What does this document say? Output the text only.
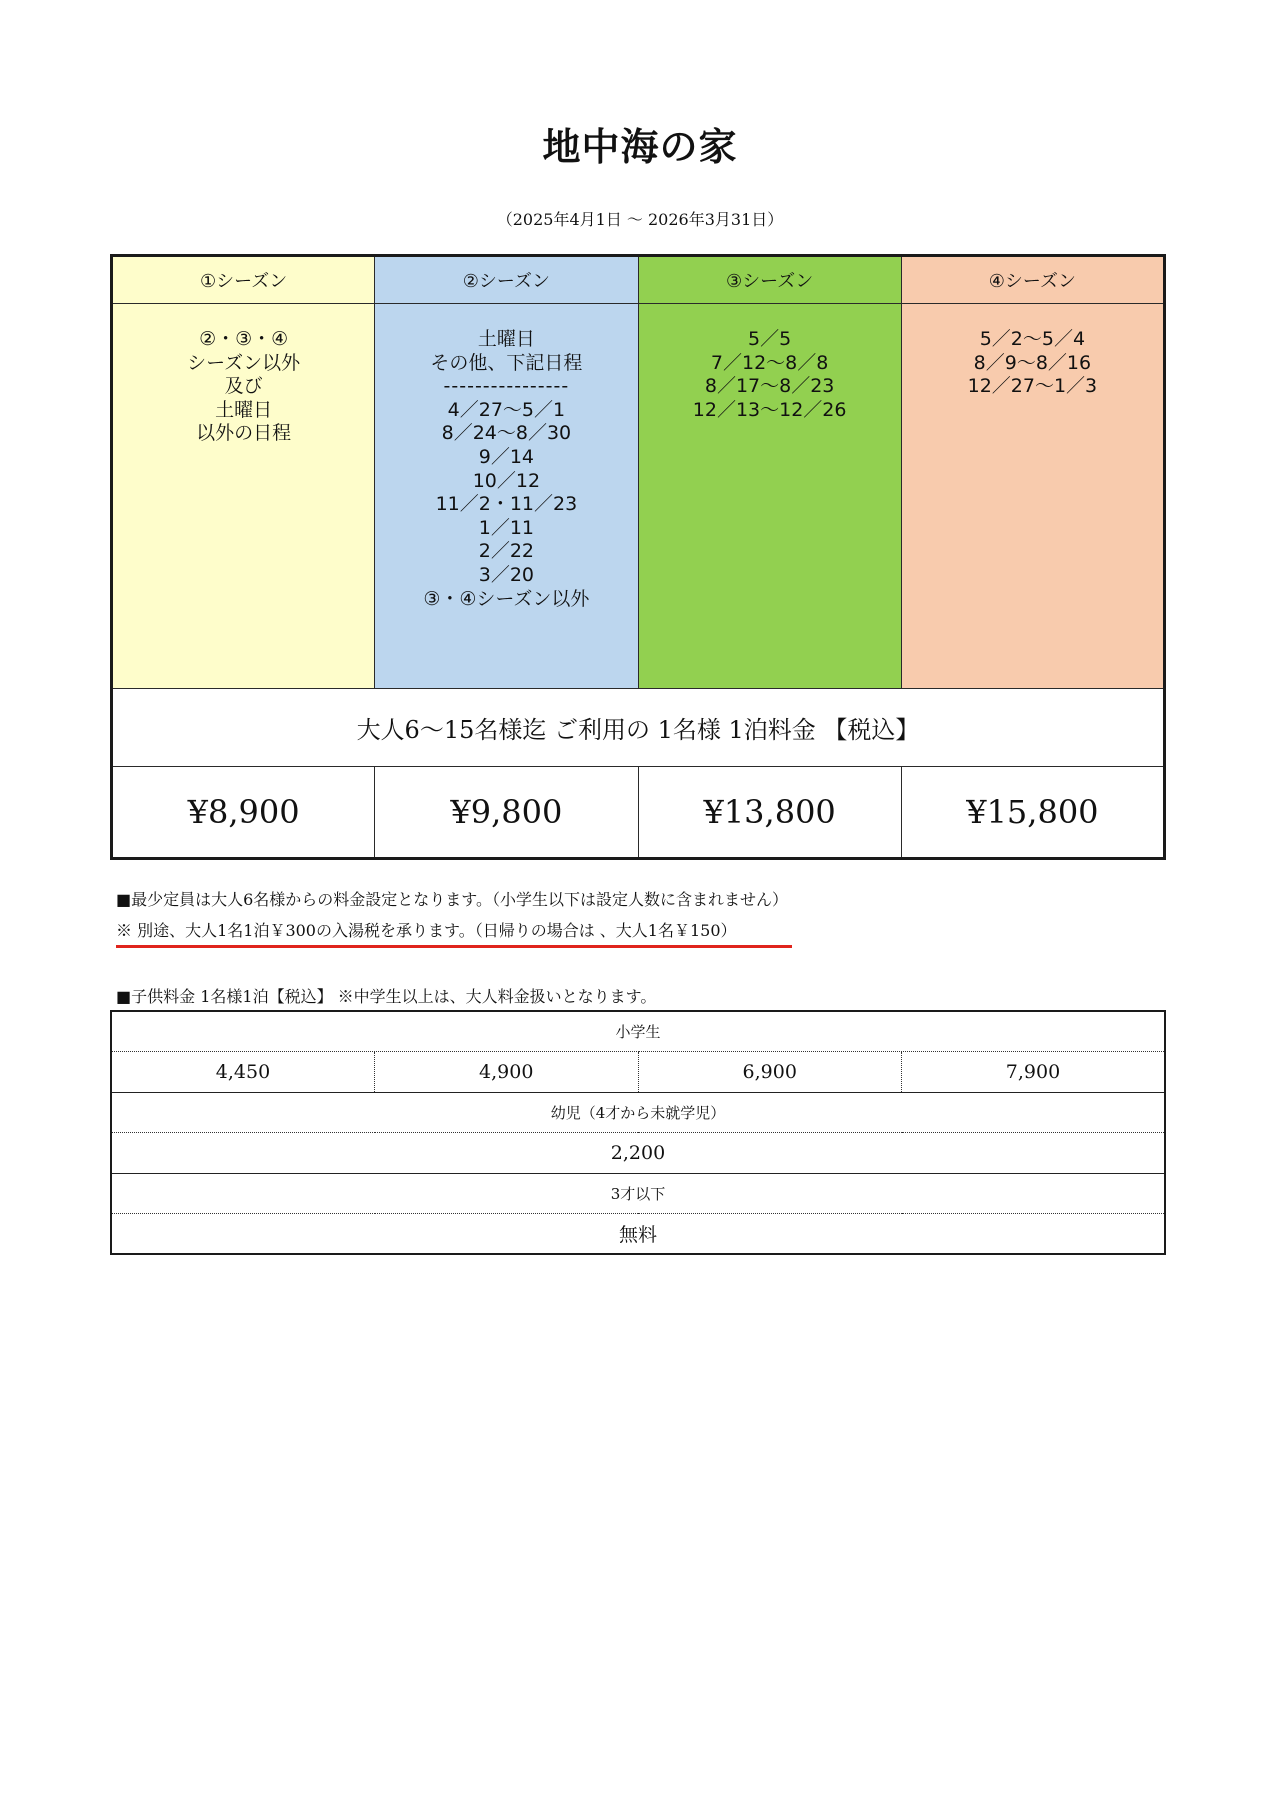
地中海の家
（2025年4月1日 ～ 2026年3月31日）
①シーズン	②シーズン	③シーズン	④シーズン

②・③・④
シーズン以外
及び
土曜日
以外の日程

土曜日
その他、下記日程
----------------
4／27～5／1
8／24～8／30
9／14
10／12
11／2・11／23
1／11
2／22
3／20
③・④シーズン以外

5／5
7／12～8／8
8／17～8／23
12／13～12／26

5／2～5／4
8／9～8／16
12／27～1／3

大人6～15名様迄 ご利用の 1名様 1泊料金 【税込】			
¥8,900	¥9,800	¥13,800	¥15,800
■最少定員は大人6名様からの料金設定となります。（小学生以下は設定人数に含まれません）
※ 別途、大人1名1泊￥300の入湯税を承ります。（日帰りの場合は 、大人1名￥150）
■子供料金 1名様1泊【税込】 ※中学生以上は、大人料金扱いとなります。
小学生
4,450	4,900	6,900	7,900
幼児（4才から未就学児）
2,200
3才以下
無料
